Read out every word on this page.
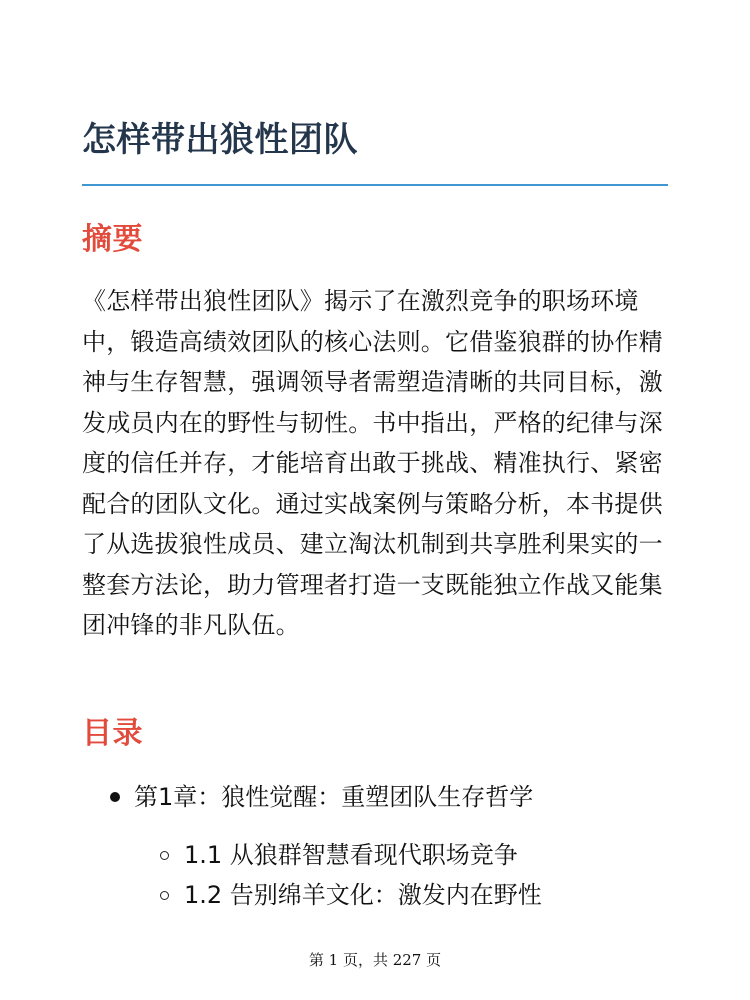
怎样带出狼性团队
摘要

《怎样带出狼性团队》揭示了在激烈竞争的职场环境中，锻造高绩效团队的核心法则。它借鉴狼群的协作精神与生存智慧，强调领导者需塑造清晰的共同目标，激发成员内在的野性与韧性。书中指出，严格的纪律与深度的信任并存，才能培育出敢于挑战、精准执行、紧密配合的团队文化。通过实战案例与策略分析，本书提供了从选拔狼性成员、建立淘汰机制到共享胜利果实的一整套方法论，助力管理者打造一支既能独立作战又能集团冲锋的非凡队伍。

目录
第1章：狼性觉醒：重塑团队生存哲学
1.1 从狼群智慧看现代职场竞争
1.2 告别绵羊文化：激发内在野性

第 1 页，共 227 页
